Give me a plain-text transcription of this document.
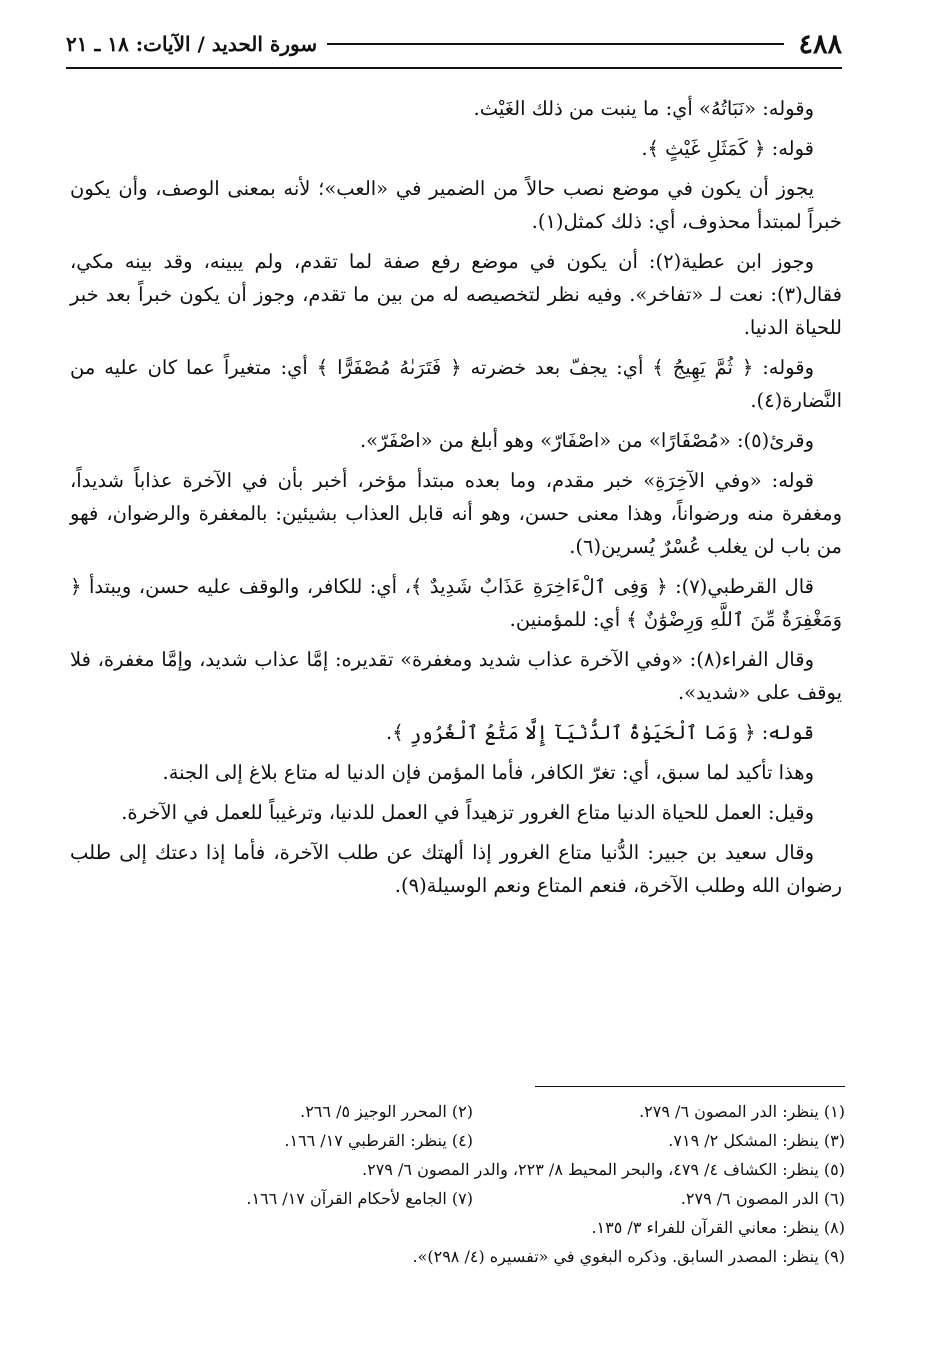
٤٨٨
سورة الحديد / الآيات: ١٨ ـ ٢١

وقوله: «نَبَاتُهُ» أي: ما ينبت من ذلك الغَيْث.

قوله: ﴿ كَمَثَلِ غَيْثٍ ﴾.

يجوز أن يكون في موضع نصب حالاً من الضمير في «العب»؛ لأنه بمعنى الوصف، وأن يكون خبراً لمبتدأ محذوف، أي: ذلك كمثل(١).

وجوز ابن عطية(٢): أن يكون في موضع رفع صفة لما تقدم، ولم يبينه، وقد بينه مكي، فقال(٣): نعت لـ «تفاخر». وفيه نظر لتخصيصه له من بين ما تقدم، وجوز أن يكون خبراً بعد خبر للحياة الدنيا.

وقوله: ﴿ ثُمَّ يَهِيجُ ﴾ أي: يجفّ بعد خضرته ﴿ فَتَرَىٰهُ مُصْفَرًّا ﴾ أي: متغيراً عما كان عليه من النَّضارة(٤).

وقرئ(٥): «مُصْفَارًا» من «اصْفَارّ» وهو أبلغ من «اصْفَرّ».

قوله: «وفي الآخِرَةِ» خبر مقدم، وما بعده مبتدأ مؤخر، أخبر بأن في الآخرة عذاباً شديداً، ومغفرة منه ورضواناً، وهذا معنى حسن، وهو أنه قابل العذاب بشيئين: بالمغفرة والرضوان، فهو من باب لن يغلب عُسْرٌ يُسرين(٦).

قال القرطبي(٧): ﴿ وَفِى ٱلْءَاخِرَةِ عَذَابٌ شَدِيدٌ ﴾، أي: للكافر، والوقف عليه حسن، ويبتدأ ﴿ وَمَغْفِرَةٌ مِّنَ ٱللَّهِ وَرِضْوَٰنٌ ﴾ أي: للمؤمنين.

وقال الفراء(٨): «وفي الآخرة عذاب شديد ومغفرة» تقديره: إمَّا عذاب شديد، وإمَّا مغفرة، فلا يوقف على «شديد».

قوله: ﴿ وَمَا ٱلْحَيَوٰةُ ٱلدُّنْيَآ إِلَّا مَتَٰعُ ٱلْغُرُورِ ﴾.

وهذا تأكيد لما سبق، أي: تغرّ الكافر، فأما المؤمن فإن الدنيا له متاع بلاغ إلى الجنة.

وقيل: العمل للحياة الدنيا متاع الغرور تزهيداً في العمل للدنيا، وترغيباً للعمل في الآخرة.

وقال سعيد بن جبير: الدُّنيا متاع الغرور إذا ألهتك عن طلب الآخرة، فأما إذا دعتك إلى طلب رضوان الله وطلب الآخرة، فنعم المتاع ونعم الوسيلة(٩).

(١) ينظر: الدر المصون ٦/ ٢٧٩.
(٢) المحرر الوجيز ٥/ ٢٦٦.
(٣) ينظر: المشكل ٢/ ٧١٩.
(٤) ينظر: القرطبي ١٧/ ١٦٦.
(٥) ينظر: الكشاف ٤/ ٤٧٩، والبحر المحيط ٨/ ٢٢٣، والدر المصون ٦/ ٢٧٩.
(٦) الدر المصون ٦/ ٢٧٩.
(٧) الجامع لأحكام القرآن ١٧/ ١٦٦.
(٨) ينظر: معاني القرآن للفراء ٣/ ١٣٥.
(٩) ينظر: المصدر السابق. وذكره البغوي في «تفسيره (٤/ ٢٩٨)».
